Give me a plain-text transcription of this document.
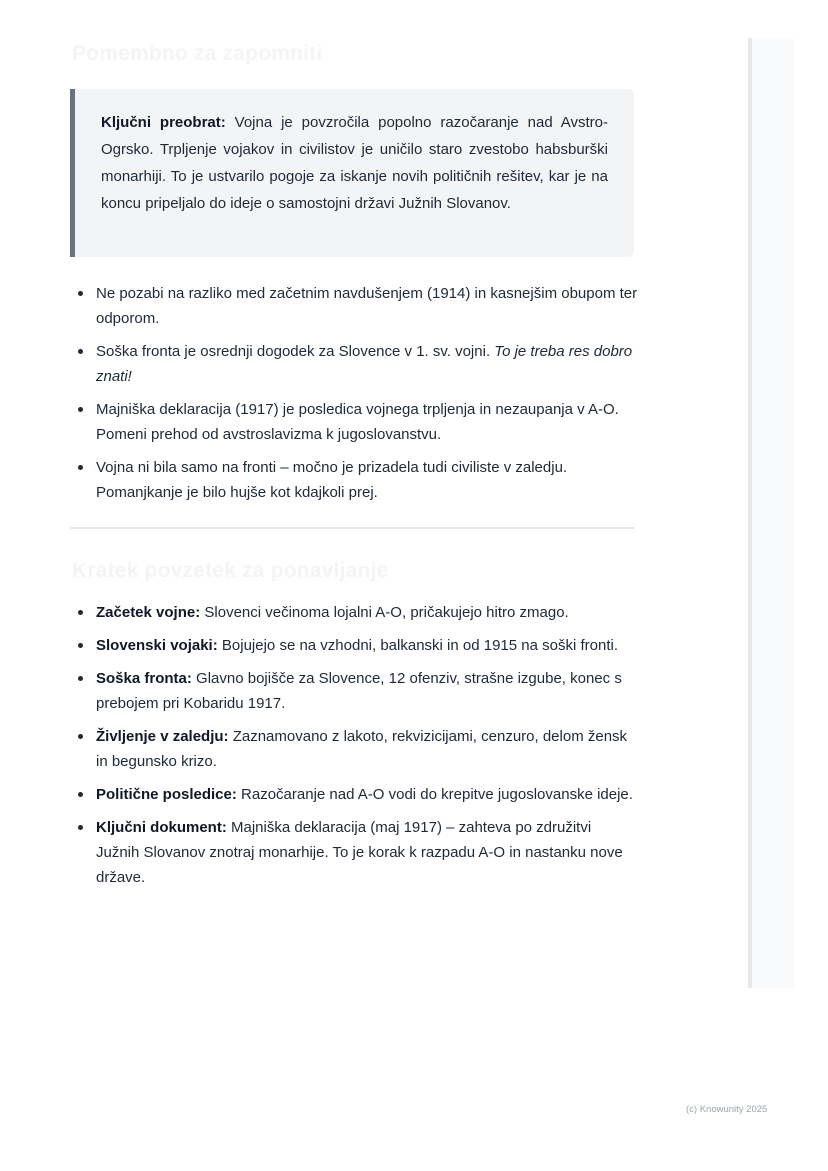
Pomembno za zapomniti

Ključni preobrat: Vojna je povzročila popolno razočaranje nad Avstro-Ogrsko. Trpljenje vojakov in civilistov je uničilo staro zvestobo habsburški monarhiji. To je ustvarilo pogoje za iskanje novih političnih rešitev, kar je na koncu pripeljalo do ideje o samostojni državi Južnih Slovanov.

Ne pozabi na razliko med začetnim navdušenjem (1914) in kasnejšim obupom ter odporom.
Soška fronta je osrednji dogodek za Slovence v 1. sv. vojni. To je treba res dobro znati!
Majniška deklaracija (1917) je posledica vojnega trpljenja in nezaupanja v A-O. Pomeni prehod od avstroslavizma k jugoslovanstvu.
Vojna ni bila samo na fronti – močno je prizadela tudi civiliste v zaledju. Pomanjkanje je bilo hujše kot kdajkoli prej.
Kratek povzetek za ponavljanje
Začetek vojne: Slovenci večinoma lojalni A-O, pričakujejo hitro zmago.
Slovenski vojaki: Bojujejo se na vzhodni, balkanski in od 1915 na soški fronti.
Soška fronta: Glavno bojišče za Slovence, 12 ofenziv, strašne izgube, konec s prebojem pri Kobaridu 1917.
Življenje v zaledju: Zaznamovano z lakoto, rekvizicijami, cenzuro, delom žensk in begunsko krizo.
Politične posledice: Razočaranje nad A-O vodi do krepitve jugoslovanske ideje.
Ključni dokument: Majniška deklaracija (maj 1917) – zahteva po združitvi Južnih Slovanov znotraj monarhije. To je korak k razpadu A-O in nastanku nove države.
(c) Knowunity 2025
